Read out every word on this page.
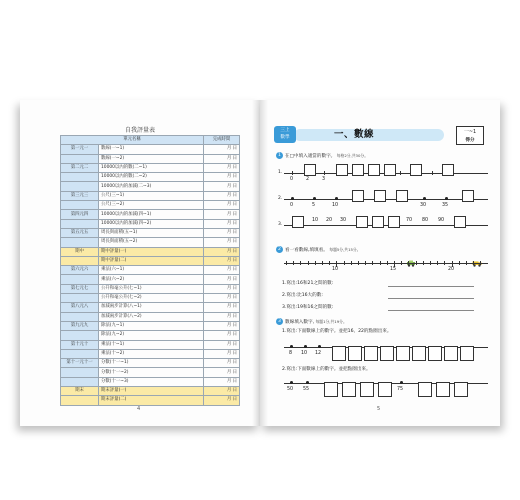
自我評量表
單元名稱		完成時間
第一元一	數線(一~1)	月 日
	數線(一~2)	月 日
第二元二	10000以內的數(二~1)	月 日
	10000以內的數(二~2)	月 日
	10000以內的加減(二~3)	月 日
第三元三	公尺(三~1)	月 日
	公尺(三~2)	月 日
第四元四	10000以內的加減(四~1)	月 日
	10000以內的加減(四~2)	月 日
第五元五	周長與面積(五~1)	月 日
	周長與面積(五~2)	月 日
期中	期中評量(一)	月 日
	期中評量(二)	月 日
第六元六	乘法(六~1)	月 日
	乘法(六~2)	月 日
第七元七	公升和毫公升(七~1)	月 日
	公升和毫公升(七~2)	月 日
第八元八	加減兩步計算(八~1)	月 日
	加減兩步計算(八~2)	月 日
第九元九	除法(九~1)	月 日
	除法(九~2)	月 日
第十元十	乘法(十~1)	月 日
	乘法(十~2)	月 日
第十一元十一	分數(十一~1)	月 日
	分數(十一~2)	月 日
	分數(十一~3)	月 日
期末	期末評量(一)	月 日
	期末評量(二)	月 日
4
三上
數學	一、數線	一~1
得分
1 在□中填入適當的數字。 每格2分,共30分。
1.
0	2	3
2.
0	5	10	30	35
3.
10 20 30	70 80 90
2 看一看數線,填填看。 每題5分,共15分。
10	15	20
1.寫出:16和21之間的數:
2.寫出:比16大的數:
3.寫出:19和16之間的數:
3 數線填入數字, 每題1分,共19分。
1.寫出:下面數線上的數字。並把16、22的點圈出來。
8 10 12
2.寫出:下面數線上的數字。並把點圈出來。
50 55	75
5
